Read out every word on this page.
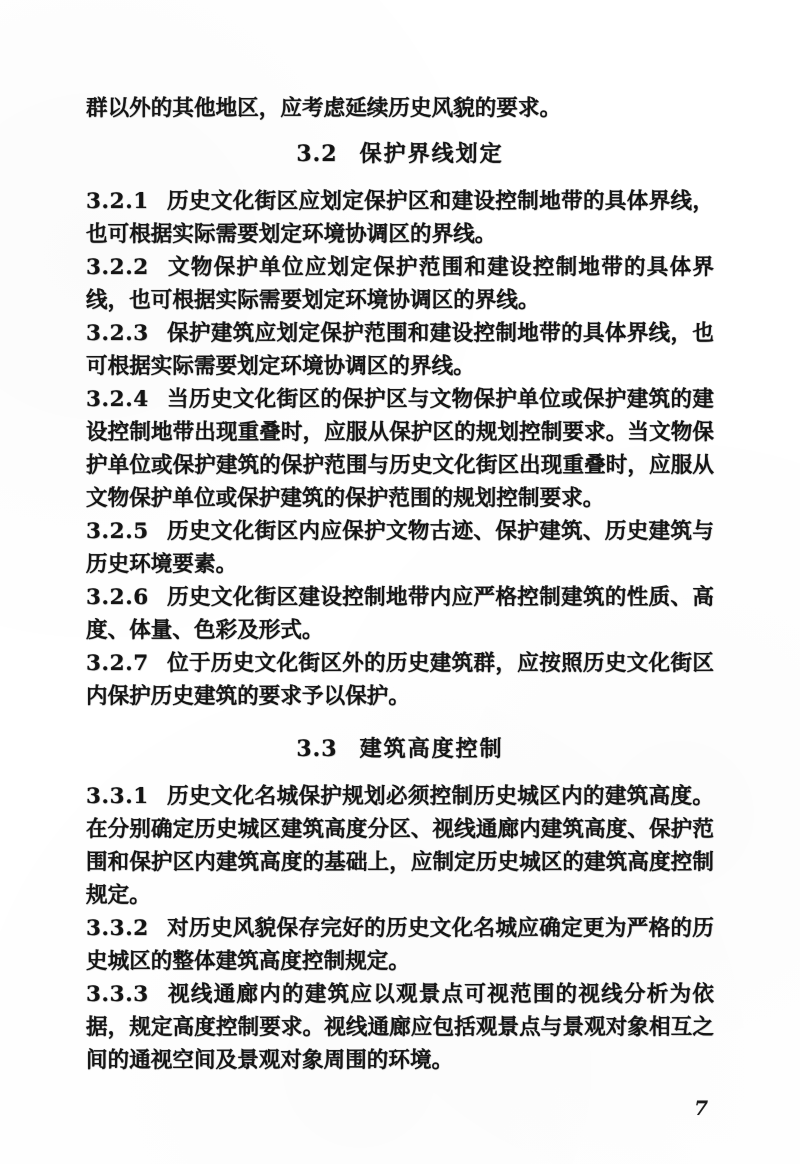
群以外的其他地区，应考虑延续历史风貌的要求。

3.2 保护界线划定

3.2.1 历史文化街区应划定保护区和建设控制地带的具体界线，也可根据实际需要划定环境协调区的界线。

3.2.2 文物保护单位应划定保护范围和建设控制地带的具体界线，也可根据实际需要划定环境协调区的界线。

3.2.3 保护建筑应划定保护范围和建设控制地带的具体界线，也可根据实际需要划定环境协调区的界线。

3.2.4 当历史文化街区的保护区与文物保护单位或保护建筑的建设控制地带出现重叠时，应服从保护区的规划控制要求。当文物保护单位或保护建筑的保护范围与历史文化街区出现重叠时，应服从文物保护单位或保护建筑的保护范围的规划控制要求。

3.2.5 历史文化街区内应保护文物古迹、保护建筑、历史建筑与历史环境要素。

3.2.6 历史文化街区建设控制地带内应严格控制建筑的性质、高度、体量、色彩及形式。

3.2.7 位于历史文化街区外的历史建筑群，应按照历史文化街区内保护历史建筑的要求予以保护。

3.3 建筑高度控制

3.3.1 历史文化名城保护规划必须控制历史城区内的建筑高度。在分别确定历史城区建筑高度分区、视线通廊内建筑高度、保护范围和保护区内建筑高度的基础上，应制定历史城区的建筑高度控制规定。

3.3.2 对历史风貌保存完好的历史文化名城应确定更为严格的历史城区的整体建筑高度控制规定。

3.3.3 视线通廊内的建筑应以观景点可视范围的视线分析为依据，规定高度控制要求。视线通廊应包括观景点与景观对象相互之间的通视空间及景观对象周围的环境。

7
